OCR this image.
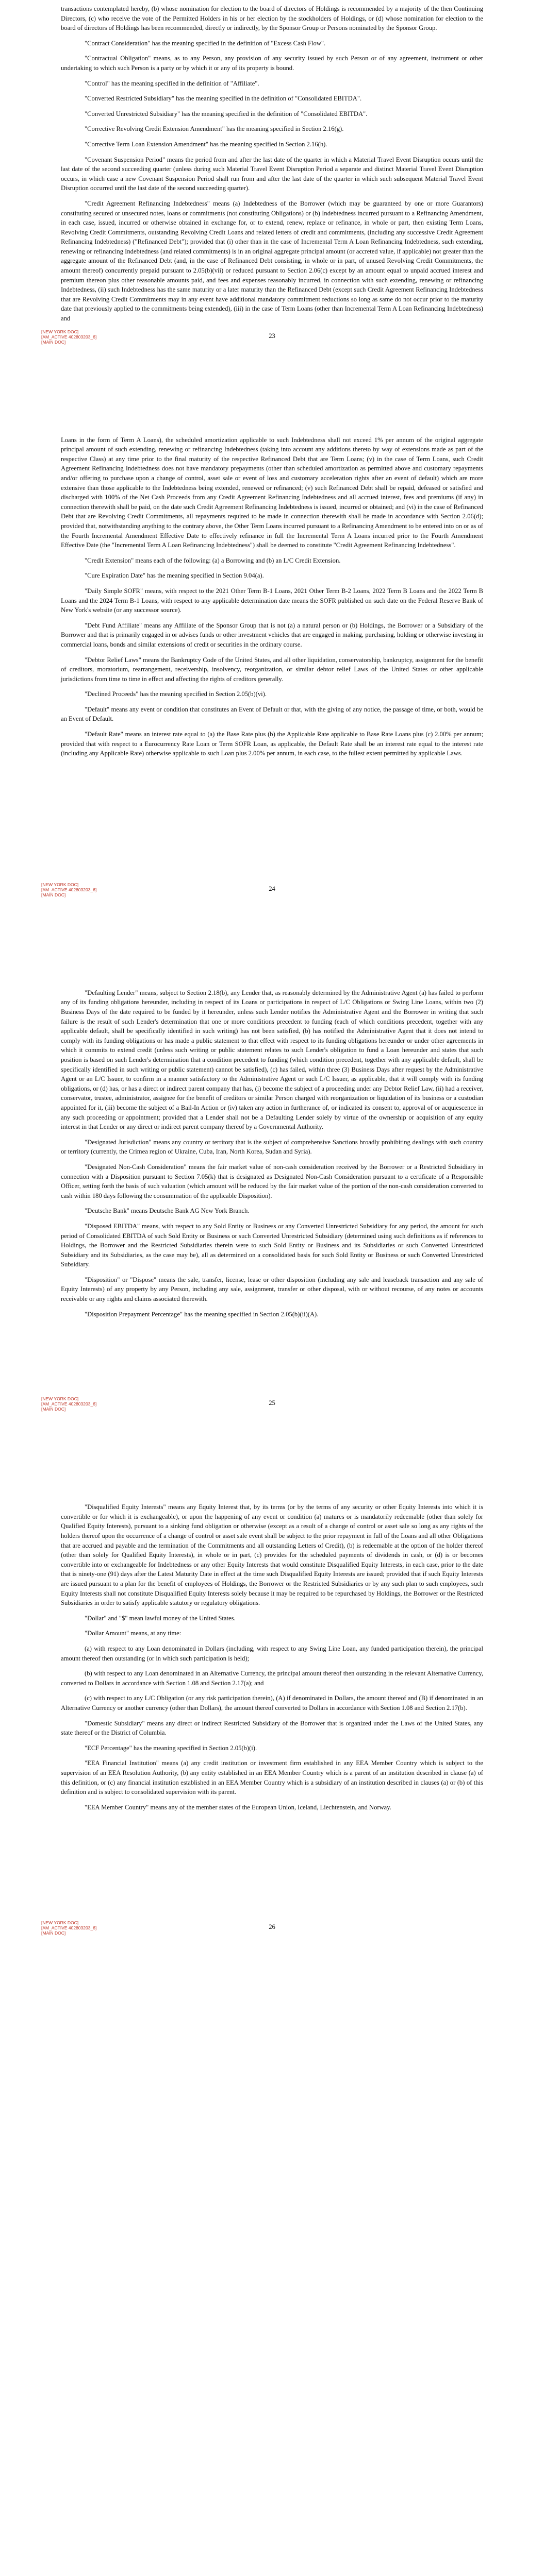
transactions contemplated hereby, (b) whose nomination for election to the board of directors of Holdings is recommended by a majority of the then Continuing Directors, (c) who receive the vote of the Permitted Holders in his or her election by the stockholders of Holdings, or (d) whose nomination for election to the board of directors of Holdings has been recommended, directly or indirectly, by the Sponsor Group or Persons nominated by the Sponsor Group.

"Contract Consideration" has the meaning specified in the definition of "Excess Cash Flow".

"Contractual Obligation" means, as to any Person, any provision of any security issued by such Person or of any agreement, instrument or other undertaking to which such Person is a party or by which it or any of its property is bound.

"Control" has the meaning specified in the definition of "Affiliate".

"Converted Restricted Subsidiary" has the meaning specified in the definition of "Consolidated EBITDA".

"Converted Unrestricted Subsidiary" has the meaning specified in the definition of "Consolidated EBITDA".

"Corrective Revolving Credit Extension Amendment" has the meaning specified in Section 2.16(g).

"Corrective Term Loan Extension Amendment" has the meaning specified in Section 2.16(h).

"Covenant Suspension Period" means the period from and after the last date of the quarter in which a Material Travel Event Disruption occurs until the last date of the second succeeding quarter (unless during such Material Travel Event Disruption Period a separate and distinct Material Travel Event Disruption occurs, in which case a new Covenant Suspension Period shall run from and after the last date of the quarter in which such subsequent Material Travel Event Disruption occurred until the last date of the second succeeding quarter).

"Credit Agreement Refinancing Indebtedness" means (a) Indebtedness of the Borrower (which may be guaranteed by one or more Guarantors) constituting secured or unsecured notes, loans or commitments (not constituting Obligations) or (b) Indebtedness incurred pursuant to a Refinancing Amendment, in each case, issued, incurred or otherwise obtained in exchange for, or to extend, renew, replace or refinance, in whole or part, then existing Term Loans, Revolving Credit Commitments, outstanding Revolving Credit Loans and related letters of credit and commitments, (including any successive Credit Agreement Refinancing Indebtedness) ("Refinanced Debt"); provided that (i) other than in the case of Incremental Term A Loan Refinancing Indebtedness, such extending, renewing or refinancing Indebtedness (and related commitments) is in an original aggregate principal amount (or accreted value, if applicable) not greater than the aggregate amount of the Refinanced Debt (and, in the case of Refinanced Debt consisting, in whole or in part, of unused Revolving Credit Commitments, the amount thereof) concurrently prepaid pursuant to 2.05(b)(vii) or reduced pursuant to Section 2.06(c) except by an amount equal to unpaid accrued interest and premium thereon plus other reasonable amounts paid, and fees and expenses reasonably incurred, in connection with such extending, renewing or refinancing Indebtedness, (ii) such Indebtedness has the same maturity or a later maturity than the Refinanced Debt (except such Credit Agreement Refinancing Indebtedness that are Revolving Credit Commitments may in any event have additional mandatory commitment reductions so long as same do not occur prior to the maturity date that previously applied to the commitments being extended), (iii) in the case of Term Loans (other than Incremental Term A Loan Refinancing Indebtedness) and

[NEW YORK DOC]
[AM_ACTIVE 402803203_6]
[MAIN DOC]
23

Loans in the form of Term A Loans), the scheduled amortization applicable to such Indebtedness shall not exceed 1% per annum of the original aggregate principal amount of such extending, renewing or refinancing Indebtedness (taking into account any additions thereto by way of extensions made as part of the respective Class) at any time prior to the final maturity of the respective Refinanced Debt that are Term Loans; (v) in the case of Term Loans, such Credit Agreement Refinancing Indebtedness does not have mandatory prepayments (other than scheduled amortization as permitted above and customary repayments and/or offering to purchase upon a change of control, asset sale or event of loss and customary acceleration rights after an event of default) which are more extensive than those applicable to the Indebtedness being extended, renewed or refinanced; (v) such Refinanced Debt shall be repaid, defeased or satisfied and discharged with 100% of the Net Cash Proceeds from any Credit Agreement Refinancing Indebtedness and all accrued interest, fees and premiums (if any) in connection therewith shall be paid, on the date such Credit Agreement Refinancing Indebtedness is issued, incurred or obtained; and (vi) in the case of Refinanced Debt that are Revolving Credit Commitments, all repayments required to be made in connection therewith shall be made in accordance with Section 2.06(d); provided that, notwithstanding anything to the contrary above, the Other Term Loans incurred pursuant to a Refinancing Amendment to be entered into on or as of the Fourth Incremental Amendment Effective Date to effectively refinance in full the Incremental Term A Loans incurred prior to the Fourth Amendment Effective Date (the "Incremental Term A Loan Refinancing Indebtedness") shall be deemed to constitute "Credit Agreement Refinancing Indebtedness".

"Credit Extension" means each of the following: (a) a Borrowing and (b) an L/C Credit Extension.

"Cure Expiration Date" has the meaning specified in Section 9.04(a).

"Daily Simple SOFR" means, with respect to the 2021 Other Term B-1 Loans, 2021 Other Term B-2 Loans, 2022 Term B Loans and the 2022 Term B Loans and the 2024 Term B-1 Loans, with respect to any applicable determination date means the SOFR published on such date on the Federal Reserve Bank of New York's website (or any successor source).

"Debt Fund Affiliate" means any Affiliate of the Sponsor Group that is not (a) a natural person or (b) Holdings, the Borrower or a Subsidiary of the Borrower and that is primarily engaged in or advises funds or other investment vehicles that are engaged in making, purchasing, holding or otherwise investing in commercial loans, bonds and similar extensions of credit or securities in the ordinary course.

"Debtor Relief Laws" means the Bankruptcy Code of the United States, and all other liquidation, conservatorship, bankruptcy, assignment for the benefit of creditors, moratorium, rearrangement, receivership, insolvency, reorganization, or similar debtor relief Laws of the United States or other applicable jurisdictions from time to time in effect and affecting the rights of creditors generally.

"Declined Proceeds" has the meaning specified in Section 2.05(b)(vi).

"Default" means any event or condition that constitutes an Event of Default or that, with the giving of any notice, the passage of time, or both, would be an Event of Default.

"Default Rate" means an interest rate equal to (a) the Base Rate plus (b) the Applicable Rate applicable to Base Rate Loans plus (c) 2.00% per annum; provided that with respect to a Eurocurrency Rate Loan or Term SOFR Loan, as applicable, the Default Rate shall be an interest rate equal to the interest rate (including any Applicable Rate) otherwise applicable to such Loan plus 2.00% per annum, in each case, to the fullest extent permitted by applicable Laws.

[NEW YORK DOC]
[AM_ACTIVE 402803203_6]
[MAIN DOC]
24

"Defaulting Lender" means, subject to Section 2.18(b), any Lender that, as reasonably determined by the Administrative Agent (a) has failed to perform any of its funding obligations hereunder, including in respect of its Loans or participations in respect of L/C Obligations or Swing Line Loans, within two (2) Business Days of the date required to be funded by it hereunder, unless such Lender notifies the Administrative Agent and the Borrower in writing that such failure is the result of such Lender's determination that one or more conditions precedent to funding (each of which conditions precedent, together with any applicable default, shall be specifically identified in such writing) has not been satisfied, (b) has notified the Administrative Agent that it does not intend to comply with its funding obligations or has made a public statement to that effect with respect to its funding obligations hereunder or under other agreements in which it commits to extend credit (unless such writing or public statement relates to such Lender's obligation to fund a Loan hereunder and states that such position is based on such Lender's determination that a condition precedent to funding (which condition precedent, together with any applicable default, shall be specifically identified in such writing or public statement) cannot be satisfied), (c) has failed, within three (3) Business Days after request by the Administrative Agent or an L/C Issuer, to confirm in a manner satisfactory to the Administrative Agent or such L/C Issuer, as applicable, that it will comply with its funding obligations, or (d) has, or has a direct or indirect parent company that has, (i) become the subject of a proceeding under any Debtor Relief Law, (ii) had a receiver, conservator, trustee, administrator, assignee for the benefit of creditors or similar Person charged with reorganization or liquidation of its business or a custodian appointed for it, (iii) become the subject of a Bail-In Action or (iv) taken any action in furtherance of, or indicated its consent to, approval of or acquiescence in any such proceeding or appointment; provided that a Lender shall not be a Defaulting Lender solely by virtue of the ownership or acquisition of any equity interest in that Lender or any direct or indirect parent company thereof by a Governmental Authority.

"Designated Jurisdiction" means any country or territory that is the subject of comprehensive Sanctions broadly prohibiting dealings with such country or territory (currently, the Crimea region of Ukraine, Cuba, Iran, North Korea, Sudan and Syria).

"Designated Non-Cash Consideration" means the fair market value of non-cash consideration received by the Borrower or a Restricted Subsidiary in connection with a Disposition pursuant to Section 7.05(k) that is designated as Designated Non-Cash Consideration pursuant to a certificate of a Responsible Officer, setting forth the basis of such valuation (which amount will be reduced by the fair market value of the portion of the non-cash consideration converted to cash within 180 days following the consummation of the applicable Disposition).

"Deutsche Bank" means Deutsche Bank AG New York Branch.

"Disposed EBITDA" means, with respect to any Sold Entity or Business or any Converted Unrestricted Subsidiary for any period, the amount for such period of Consolidated EBITDA of such Sold Entity or Business or such Converted Unrestricted Subsidiary (determined using such definitions as if references to Holdings, the Borrower and the Restricted Subsidiaries therein were to such Sold Entity or Business and its Subsidiaries or such Converted Unrestricted Subsidiary and its Subsidiaries, as the case may be), all as determined on a consolidated basis for such Sold Entity or Business or such Converted Unrestricted Subsidiary.

"Disposition" or "Dispose" means the sale, transfer, license, lease or other disposition (including any sale and leaseback transaction and any sale of Equity Interests) of any property by any Person, including any sale, assignment, transfer or other disposal, with or without recourse, of any notes or accounts receivable or any rights and claims associated therewith.

"Disposition Prepayment Percentage" has the meaning specified in Section 2.05(b)(ii)(A).

[NEW YORK DOC]
[AM_ACTIVE 402803203_6]
[MAIN DOC]
25

"Disqualified Equity Interests" means any Equity Interest that, by its terms (or by the terms of any security or other Equity Interests into which it is convertible or for which it is exchangeable), or upon the happening of any event or condition (a) matures or is mandatorily redeemable (other than solely for Qualified Equity Interests), pursuant to a sinking fund obligation or otherwise (except as a result of a change of control or asset sale so long as any rights of the holders thereof upon the occurrence of a change of control or asset sale event shall be subject to the prior repayment in full of the Loans and all other Obligations that are accrued and payable and the termination of the Commitments and all outstanding Letters of Credit), (b) is redeemable at the option of the holder thereof (other than solely for Qualified Equity Interests), in whole or in part, (c) provides for the scheduled payments of dividends in cash, or (d) is or becomes convertible into or exchangeable for Indebtedness or any other Equity Interests that would constitute Disqualified Equity Interests, in each case, prior to the date that is ninety-one (91) days after the Latest Maturity Date in effect at the time such Disqualified Equity Interests are issued; provided that if such Equity Interests are issued pursuant to a plan for the benefit of employees of Holdings, the Borrower or the Restricted Subsidiaries or by any such plan to such employees, such Equity Interests shall not constitute Disqualified Equity Interests solely because it may be required to be repurchased by Holdings, the Borrower or the Restricted Subsidiaries in order to satisfy applicable statutory or regulatory obligations.

"Dollar" and "$" mean lawful money of the United States.

"Dollar Amount" means, at any time:

(a) with respect to any Loan denominated in Dollars (including, with respect to any Swing Line Loan, any funded participation therein), the principal amount thereof then outstanding (or in which such participation is held);

(b) with respect to any Loan denominated in an Alternative Currency, the principal amount thereof then outstanding in the relevant Alternative Currency, converted to Dollars in accordance with Section 1.08 and Section 2.17(a); and

(c) with respect to any L/C Obligation (or any risk participation therein), (A) if denominated in Dollars, the amount thereof and (B) if denominated in an Alternative Currency or another currency (other than Dollars), the amount thereof converted to Dollars in accordance with Section 1.08 and Section 2.17(b).

"Domestic Subsidiary" means any direct or indirect Restricted Subsidiary of the Borrower that is organized under the Laws of the United States, any state thereof or the District of Columbia.

"ECF Percentage" has the meaning specified in Section 2.05(b)(i).

"EEA Financial Institution" means (a) any credit institution or investment firm established in any EEA Member Country which is subject to the supervision of an EEA Resolution Authority, (b) any entity established in an EEA Member Country which is a parent of an institution described in clause (a) of this definition, or (c) any financial institution established in an EEA Member Country which is a subsidiary of an institution described in clauses (a) or (b) of this definition and is subject to consolidated supervision with its parent.

"EEA Member Country" means any of the member states of the European Union, Iceland, Liechtenstein, and Norway.

[NEW YORK DOC]
[AM_ACTIVE 402803203_6]
[MAIN DOC]
26
